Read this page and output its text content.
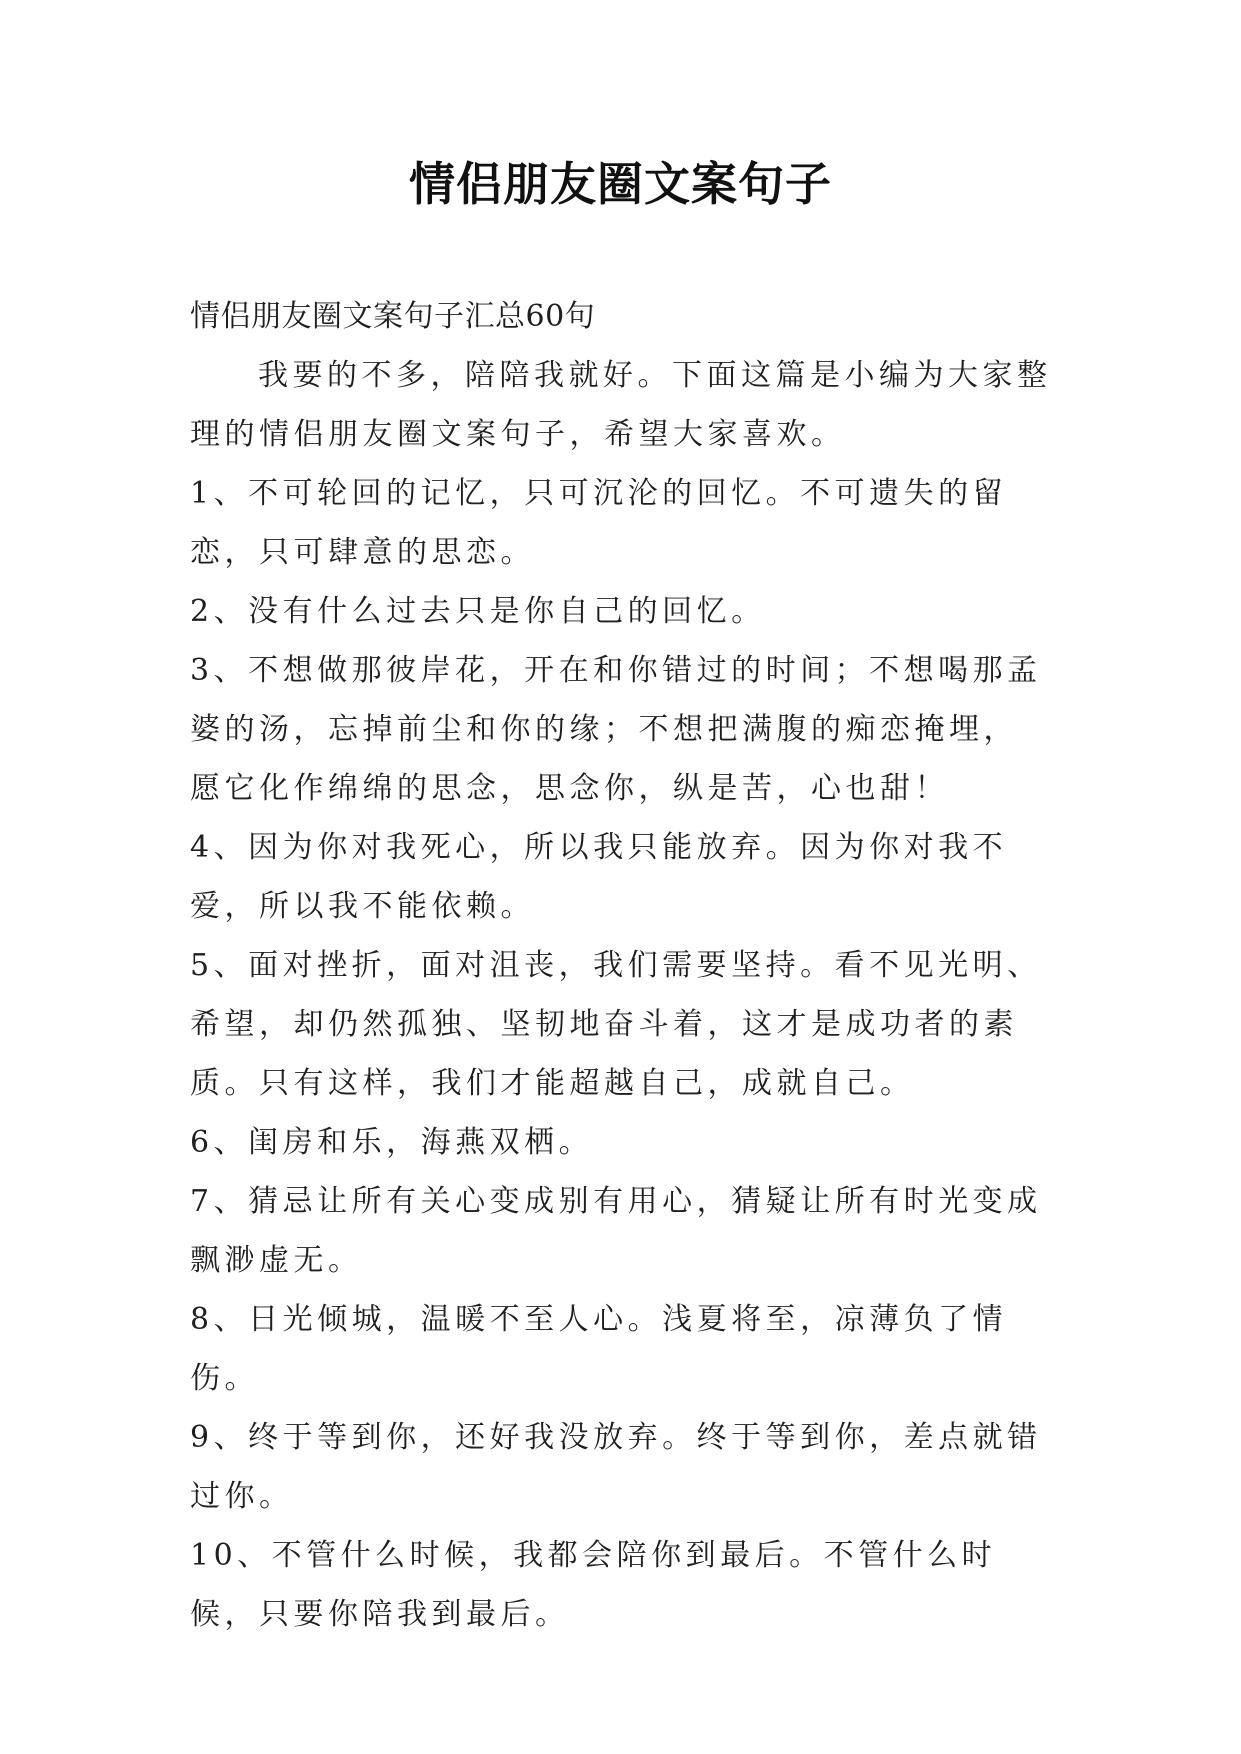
情侣朋友圈文案句子

情侣朋友圈文案句子汇总60句

我要的不多，陪陪我就好。下面这篇是小编为大家整理的情侣朋友圈文案句子，希望大家喜欢。

1、不可轮回的记忆，只可沉沦的回忆。不可遗失的留恋，只可肆意的思恋。

2、没有什么过去只是你自己的回忆。

3、不想做那彼岸花，开在和你错过的时间；不想喝那孟婆的汤，忘掉前尘和你的缘；不想把满腹的痴恋掩埋，愿它化作绵绵的思念，思念你，纵是苦，心也甜！

4、因为你对我死心，所以我只能放弃。因为你对我不爱，所以我不能依赖。

5、面对挫折，面对沮丧，我们需要坚持。看不见光明、希望，却仍然孤独、坚韧地奋斗着，这才是成功者的素质。只有这样，我们才能超越自己，成就自己。

6、闺房和乐，海燕双栖。

7、猜忌让所有关心变成别有用心，猜疑让所有时光变成飘渺虚无。

8、日光倾城，温暖不至人心。浅夏将至，凉薄负了情伤。

9、终于等到你，还好我没放弃。终于等到你，差点就错过你。

10、不管什么时候，我都会陪你到最后。不管什么时候，只要你陪我到最后。
